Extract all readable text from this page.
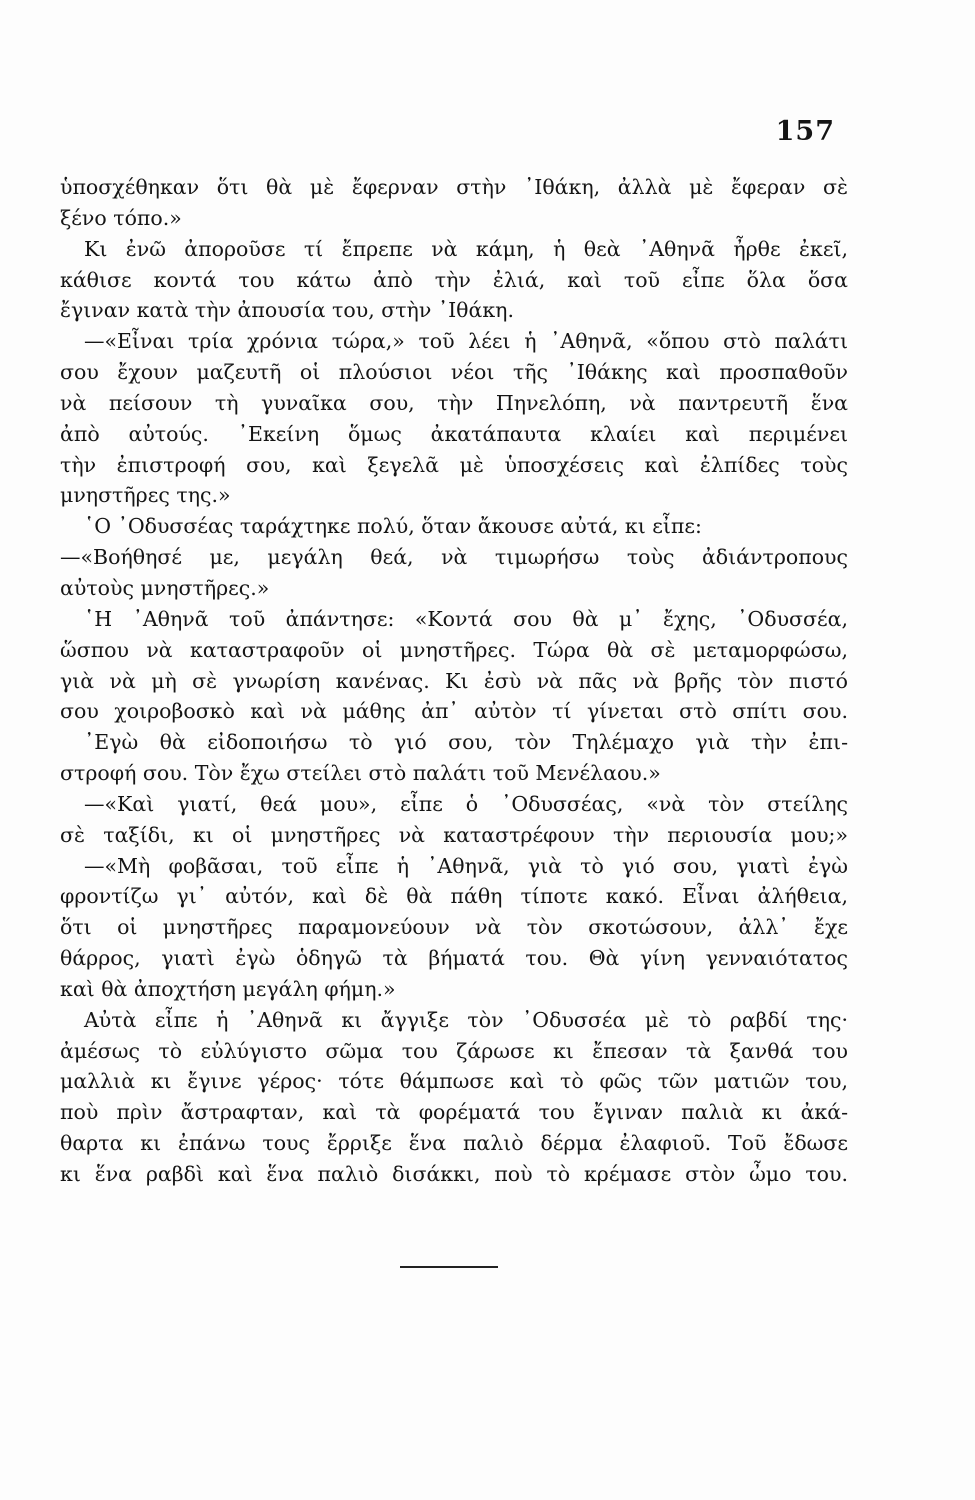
157
ὑποσχέθηκαν ὅτι θὰ μὲ ἔφερναν στὴν ᾿Ιθάκη, ἀλλὰ μὲ ἔφεραν σὲ
ξένο τόπο.»
Κι ἐνῶ ἀποροῦσε τί ἔπρεπε νὰ κάμη, ἡ θεὰ ᾿Αθηνᾶ ἦρθε ἐκεῖ,
κάθισε κοντά του κάτω ἀπὸ τὴν ἐλιά, καὶ τοῦ εἶπε ὅλα ὅσα
ἔγιναν κατὰ τὴν ἀπουσία του, στὴν ᾿Ιθάκη.
—«Εἶναι τρία χρόνια τώρα,» τοῦ λέει ἡ ᾿Αθηνᾶ, «ὅπου στὸ παλάτι
σου ἔχουν μαζευτῆ οἱ πλούσιοι νέοι τῆς ᾿Ιθάκης καὶ προσπαθοῦν
νὰ πείσουν τὴ γυναῖκα σου, τὴν Πηνελόπη, νὰ παντρευτῆ ἕνα
ἀπὸ αὐτούς. ᾿Εκείνη ὅμως ἀκατάπαυτα κλαίει καὶ περιμένει
τὴν ἐπιστροφή σου, καὶ ξεγελᾶ μὲ ὑποσχέσεις καὶ ἐλπίδες τοὺς
μνηστῆρες της.»
῾Ο ᾿Οδυσσέας ταράχτηκε πολύ, ὅταν ἄκουσε αὐτά, κι εἶπε:
—«Βοήθησέ με, μεγάλη θεά, νὰ τιμωρήσω τοὺς ἀδιάντροπους
αὐτοὺς μνηστῆρες.»
῾Η ᾿Αθηνᾶ τοῦ ἀπάντησε: «Κοντά σου θὰ μ᾿ ἔχης, ᾿Οδυσσέα,
ὥσπου νὰ καταστραφοῦν οἱ μνηστῆρες. Τώρα θὰ σὲ μεταμορφώσω,
γιὰ νὰ μὴ σὲ γνωρίση κανένας. Κι ἐσὺ νὰ πᾶς νὰ βρῆς τὸν πιστό
σου χοιροβοσκὸ καὶ νὰ μάθης ἀπ᾿ αὐτὸν τί γίνεται στὸ σπίτι σου.
᾿Εγὼ θὰ εἰδοποιήσω τὸ γιό σου, τὸν Τηλέμαχο γιὰ τὴν ἐπι-
στροφή σου. Τὸν ἔχω στείλει στὸ παλάτι τοῦ Μενέλαου.»
—«Καὶ γιατί, θεά μου», εἶπε ὁ ᾿Οδυσσέας, «νὰ τὸν στείλης
σὲ ταξίδι, κι οἱ μνηστῆρες νὰ καταστρέφουν τὴν περιουσία μου;»
—«Μὴ φοβᾶσαι, τοῦ εἶπε ἡ ᾿Αθηνᾶ, γιὰ τὸ γιό σου, γιατὶ ἐγὼ
φροντίζω γι᾿ αὐτόν, καὶ δὲ θὰ πάθη τίποτε κακό. Εἶναι ἀλήθεια,
ὅτι οἱ μνηστῆρες παραμονεύουν νὰ τὸν σκοτώσουν, ἀλλ᾿ ἔχε
θάρρος, γιατὶ ἐγὼ ὁδηγῶ τὰ βήματά του. Θὰ γίνη γενναιότατος
καὶ θὰ ἀποχτήση μεγάλη φήμη.»
Αὐτὰ εἶπε ἡ ᾿Αθηνᾶ κι ἄγγιξε τὸν ᾿Οδυσσέα μὲ τὸ ραβδί της·
ἀμέσως τὸ εὐλύγιστο σῶμα του ζάρωσε κι ἔπεσαν τὰ ξανθά του
μαλλιὰ κι ἔγινε γέρος· τότε θάμπωσε καὶ τὸ φῶς τῶν ματιῶν του,
ποὺ πρὶν ἄστραφταν, καὶ τὰ φορέματά του ἔγιναν παλιὰ κι ἀκά-
θαρτα κι ἐπάνω τους ἔρριξε ἕνα παλιὸ δέρμα ἐλαφιοῦ. Τοῦ ἔδωσε
κι ἕνα ραβδὶ καὶ ἕνα παλιὸ δισάκκι, ποὺ τὸ κρέμασε στὸν ὦμο του.
